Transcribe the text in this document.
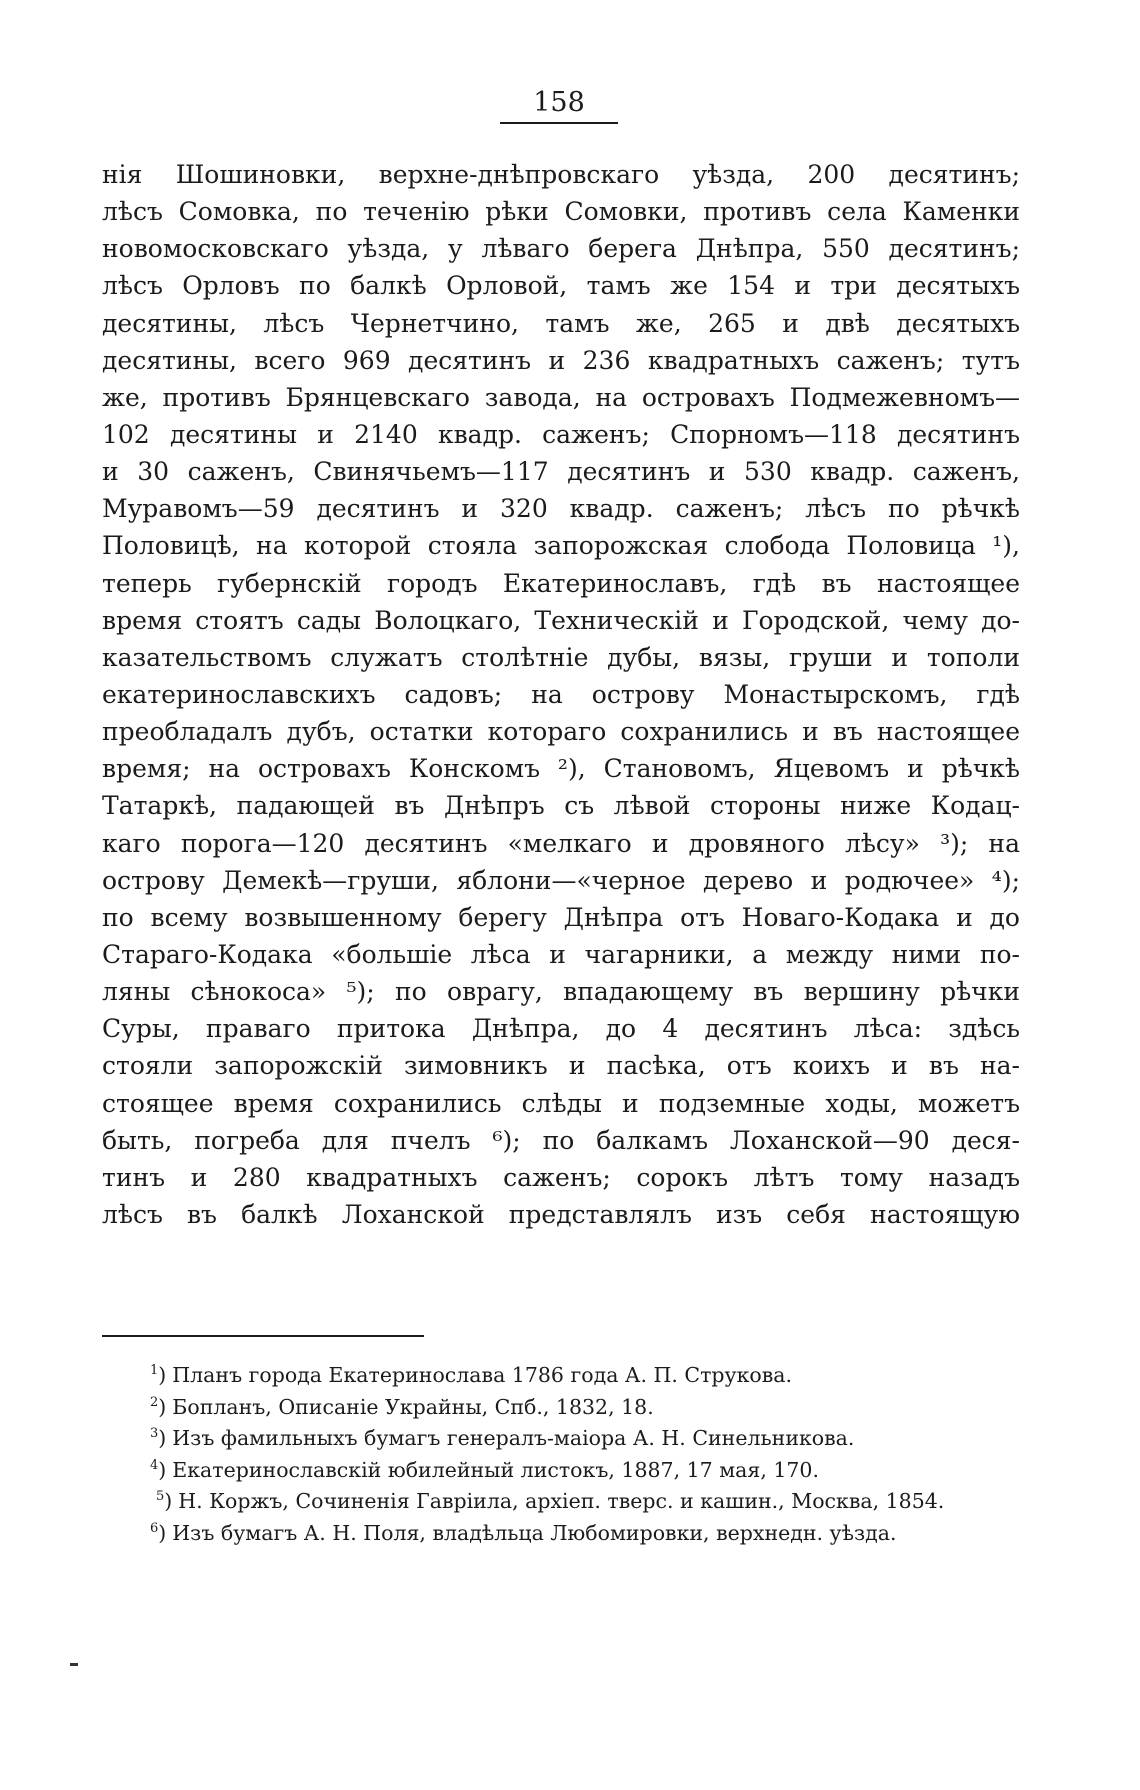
158
нія Шошиновки, верхне-днѣпровскаго уѣзда, 200 десятинъ;
лѣсъ Сомовка, по теченію рѣки Сомовки, противъ села Каменки
новомосковскаго уѣзда, у лѣваго берега Днѣпра, 550 десятинъ;
лѣсъ Орловъ по балкѣ Орловой, тамъ же 154 и три десятыхъ
десятины, лѣсъ Чернетчино, тамъ же, 265 и двѣ десятыхъ
десятины, всего 969 десятинъ и 236 квадратныхъ саженъ; тутъ
же, противъ Брянцевскаго завода, на островахъ Подмежевномъ—
102 десятины и 2140 квадр. саженъ; Спорномъ—118 десятинъ
и 30 саженъ, Свинячьемъ—117 десятинъ и 530 квадр. саженъ,
Муравомъ—59 десятинъ и 320 квадр. саженъ; лѣсъ по рѣчкѣ
Половицѣ, на которой стояла запорожская слобода Половица ¹),
теперь губернскій городъ Екатеринославъ, гдѣ въ настоящее
время стоятъ сады Волоцкаго, Техническій и Городской, чему до-
казательствомъ служатъ столѣтніе дубы, вязы, груши и тополи
екатеринославскихъ садовъ; на острову Монастырскомъ, гдѣ
преобладалъ дубъ, остатки котораго сохранились и въ настоящее
время; на островахъ Конскомъ ²), Становомъ, Яцевомъ и рѣчкѣ
Татаркѣ, падающей въ Днѣпръ съ лѣвой стороны ниже Кодац-
каго порога—120 десятинъ «мелкаго и дровяного лѣсу» ³); на
острову Демекѣ—груши, яблони—«черное дерево и родючее» ⁴);
по всему возвышенному берегу Днѣпра отъ Новаго-Кодака и до
Стараго-Кодака «большіе лѣса и чагарники, а между ними по-
ляны сѣнокоса» ⁵); по оврагу, впадающему въ вершину рѣчки
Суры, праваго притока Днѣпра, до 4 десятинъ лѣса: здѣсь
стояли запорожскій зимовникъ и пасѣка, отъ коихъ и въ на-
стоящее время сохранились слѣды и подземные ходы, можетъ
быть, погреба для пчелъ ⁶); по балкамъ Лоханской—90 деся-
тинъ и 280 квадратныхъ саженъ; сорокъ лѣтъ тому назадъ
лѣсъ въ балкѣ Лоханской представлялъ изъ себя настоящую
$^1$) Планъ города Екатеринослава 1786 года А. П. Струкова.
$^2$) Бопланъ, Описаніе Украйны, Спб., 1832, 18.
$^3$) Изъ фамильныхъ бумагъ генералъ-маіора А. Н. Синельникова.
$^4$) Екатеринославскій юбилейный листокъ, 1887, 17 мая, 170.
$^5$) Н. Коржъ, Сочиненія Гавріила, архіеп. тверс. и кашин., Москва, 1854.
$^6$) Изъ бумагъ А. Н. Поля, владѣльца Любомировки, верхнедн. уѣзда.
